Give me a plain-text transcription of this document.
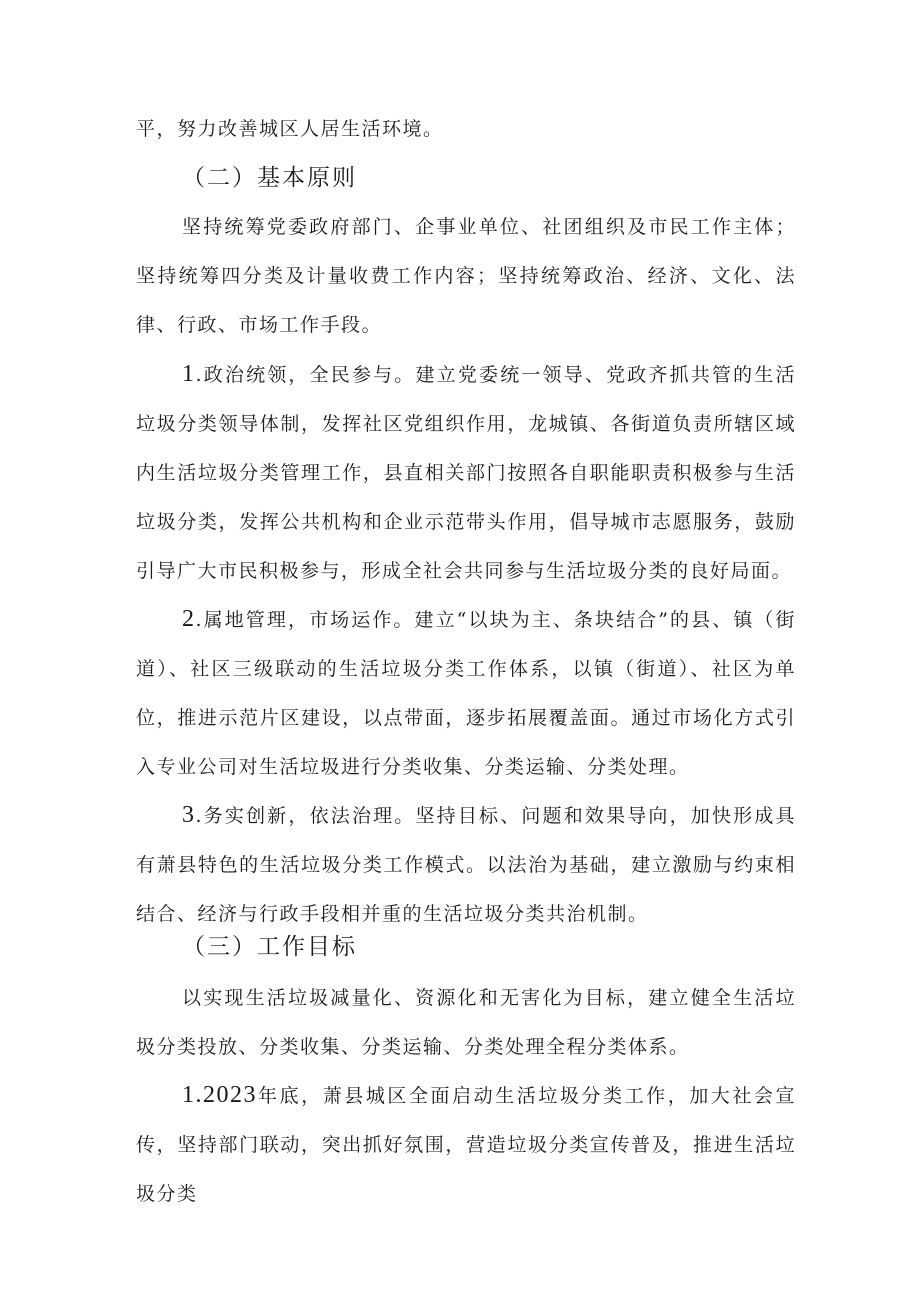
平，努力改善城区人居生活环境。

（二）基本原则

坚持统筹党委政府部门、企事业单位、社团组织及市民工作主体；坚持统筹四分类及计量收费工作内容；坚持统筹政治、经济、文化、法律、行政、市场工作手段。

1.政治统领，全民参与。建立党委统一领导、党政齐抓共管的生活垃圾分类领导体制，发挥社区党组织作用，龙城镇、各街道负责所辖区域内生活垃圾分类管理工作，县直相关部门按照各自职能职责积极参与生活垃圾分类，发挥公共机构和企业示范带头作用，倡导城市志愿服务，鼓励引导广大市民积极参与，形成全社会共同参与生活垃圾分类的良好局面。

2.属地管理，市场运作。建立“以块为主、条块结合”的县、镇（街道）、社区三级联动的生活垃圾分类工作体系，以镇（街道）、社区为单位，推进示范片区建设，以点带面，逐步拓展覆盖面。通过市场化方式引入专业公司对生活垃圾进行分类收集、分类运输、分类处理。

3.务实创新，依法治理。坚持目标、问题和效果导向，加快形成具有萧县特色的生活垃圾分类工作模式。以法治为基础，建立激励与约束相结合、经济与行政手段相并重的生活垃圾分类共治机制。

（三）工作目标

以实现生活垃圾减量化、资源化和无害化为目标，建立健全生活垃圾分类投放、分类收集、分类运输、分类处理全程分类体系。

1.2023年底，萧县城区全面启动生活垃圾分类工作，加大社会宣传，坚持部门联动，突出抓好氛围，营造垃圾分类宣传普及，推进生活垃圾分类
